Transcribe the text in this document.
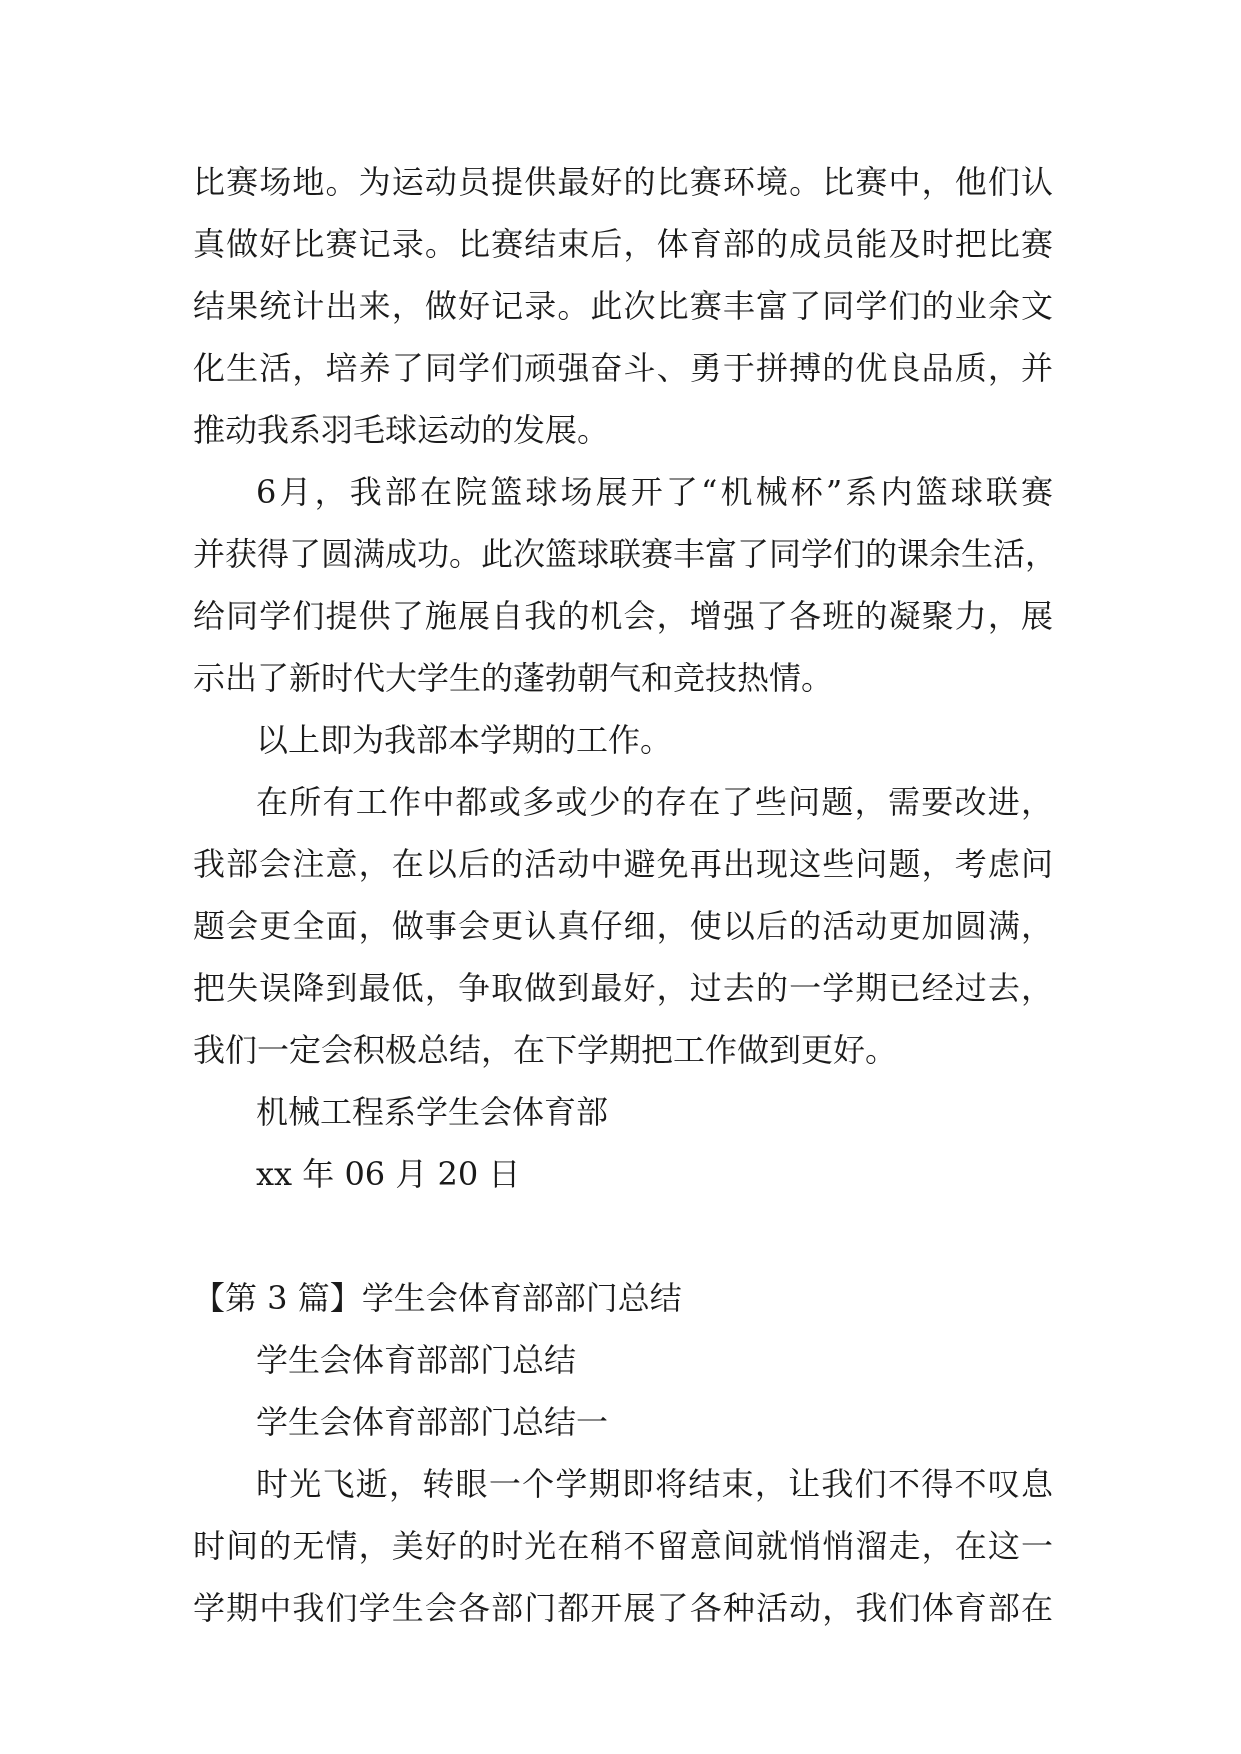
比赛场地。为运动员提供最好的比赛环境。比赛中，他们认
真做好比赛记录。比赛结束后，体育部的成员能及时把比赛
结果统计出来，做好记录。此次比赛丰富了同学们的业余文
化生活，培养了同学们顽强奋斗、勇于拼搏的优良品质，并
推动我系羽毛球运动的发展。
6月，我部在院篮球场展开了“机械杯”系内篮球联赛
并获得了圆满成功。此次篮球联赛丰富了同学们的课余生活，
给同学们提供了施展自我的机会，增强了各班的凝聚力，展
示出了新时代大学生的蓬勃朝气和竞技热情。
以上即为我部本学期的工作。
在所有工作中都或多或少的存在了些问题，需要改进，
我部会注意，在以后的活动中避免再出现这些问题，考虑问
题会更全面，做事会更认真仔细，使以后的活动更加圆满，
把失误降到最低，争取做到最好，过去的一学期已经过去，
我们一定会积极总结，在下学期把工作做到更好。
机械工程系学生会体育部
xx 年 06 月 20 日
【第 3 篇】学生会体育部部门总结
学生会体育部部门总结
学生会体育部部门总结一
时光飞逝，转眼一个学期即将结束，让我们不得不叹息
时间的无情，美好的时光在稍不留意间就悄悄溜走，在这一
学期中我们学生会各部门都开展了各种活动，我们体育部在
